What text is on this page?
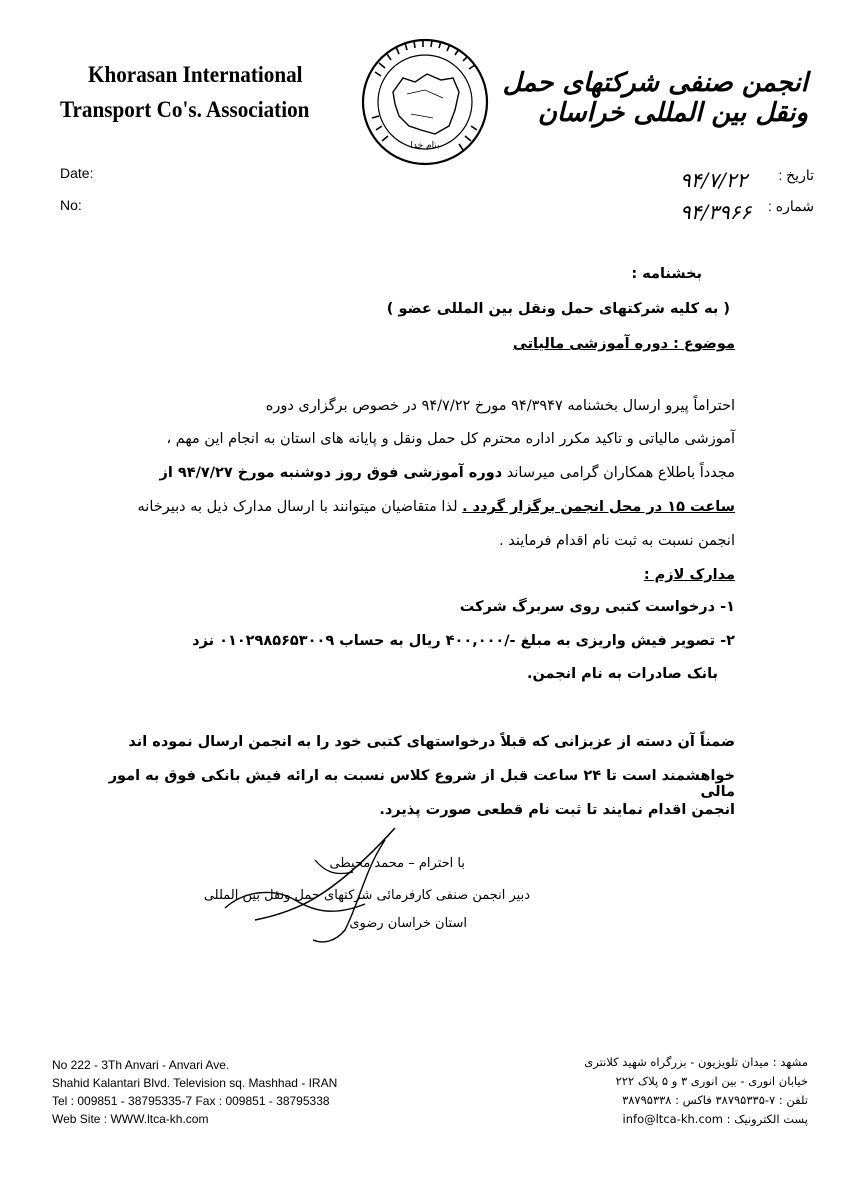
Khorasan International
Transport Co's. Association
بنام خدا
انجمن صنفی شرکتهای حمل ونقل بین المللی خراسان
Date:
No:
تاریخ :
شماره :
۹۴/۷/۲۲
۹۴/۳۹۶۶
بخشنامه :
( به کلیه شرکتهای حمل ونقل بین المللی عضو )
موضوع : دوره آموزشی مالیاتی
احتراماً پیرو ارسال بخشنامه ۹۴/۳۹۴۷ مورخ ۹۴/۷/۲۲ در خصوص برگزاری دوره
آموزشی مالیاتی و تاکید مکرر اداره محترم کل حمل ونقل و پایانه های استان به انجام این مهم ،
مجدداً باطلاع همکاران گرامی میرساند دوره آموزشی فوق روز دوشنبه مورخ ۹۴/۷/۲۷ از
ساعت ۱۵ در محل انجمن برگزار گردد . لذا متقاضیان میتوانند با ارسال مدارک ذیل به دبیرخانه
انجمن نسبت به ثبت نام اقدام فرمایند .
مدارک لازم :
۱- درخواست کتبی روی سربرگ شرکت
۲- تصویر فیش واریزی به مبلغ -/۴۰۰,۰۰۰ ریال به حساب ۰۱۰۲۹۸۵۶۵۳۰۰۹ نزد
بانک صادرات به نام انجمن.
ضمناً آن دسته از عزیزانی که قبلاً درخواستهای کتبی خود را به انجمن ارسال نموده اند
خواهشمند است تا ۲۴ ساعت قبل از شروع کلاس نسبت به ارائه فیش بانکی فوق به امور مالی
انجمن اقدام نمایند تا ثبت نام قطعی صورت پذیرد.
با احترام – محمد محیطی
دبیر انجمن صنفی کارفرمائی شرکتهای حمل ونقل بین المللی
استان خراسان رضوی
No 222 - 3Th Anvari - Anvari Ave.
Shahid Kalantari Blvd. Television sq. Mashhad - IRAN
Tel : 009851 - 38795335-7 Fax : 009851 - 38795338
Web Site : WWW.ltca-kh.com
مشهد : میدان تلویزیون - بزرگراه شهید کلانتری
خیابان انوری - بین انوری ۳ و ۵ پلاک ۲۲۲
تلفن : ۷-۳۸۷۹۵۳۳۵ فاکس : ۳۸۷۹۵۳۳۸
پست الکترونیک : info@ltca-kh.com
